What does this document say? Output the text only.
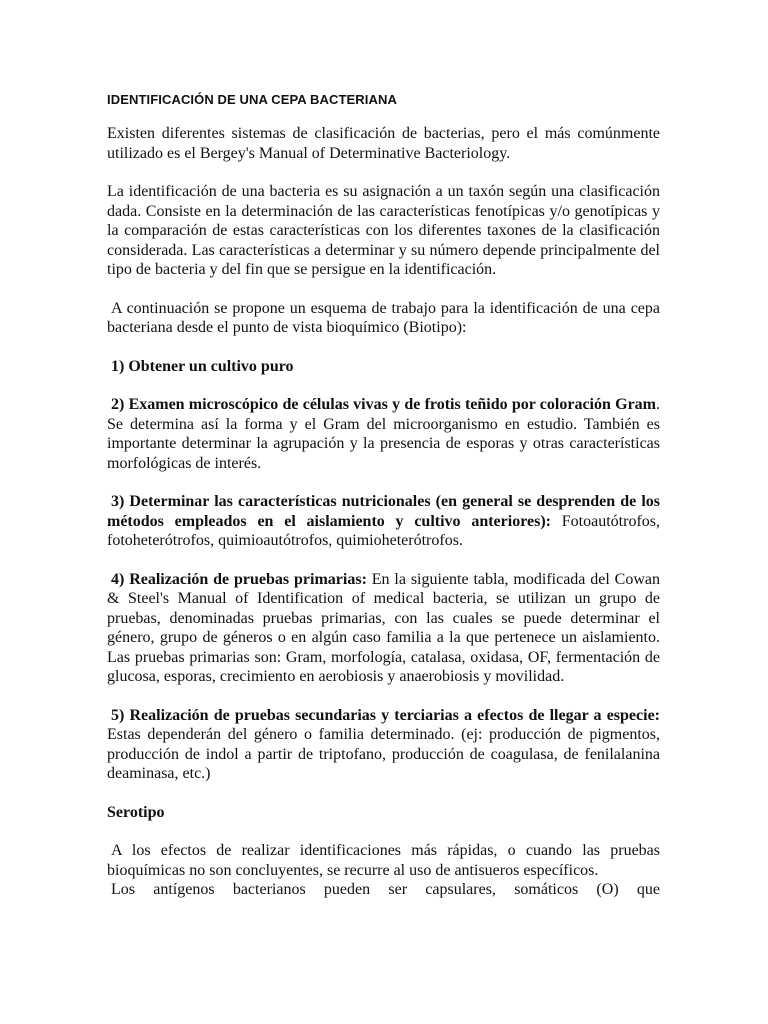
IDENTIFICACIÓN DE UNA CEPA BACTERIANA

Existen diferentes sistemas de clasificación de bacterias, pero el más comúnmente utilizado es el Bergey's Manual of Determinative Bacteriology.

La identificación de una bacteria es su asignación a un taxón según una clasificación dada. Consiste en la determinación de las características fenotípicas y/o genotípicas y la comparación de estas características con los diferentes taxones de la clasificación considerada. Las características a determinar y su número depende principalmente del tipo de bacteria y del fin que se persigue en la identificación.

A continuación se propone un esquema de trabajo para la identificación de una cepa bacteriana desde el punto de vista bioquímico (Biotipo):

1) Obtener un cultivo puro

2) Examen microscópico de células vivas y de frotis teñido por coloración Gram. Se determina así la forma y el Gram del microorganismo en estudio. También es importante determinar la agrupación y la presencia de esporas y otras características morfológicas de interés.

3) Determinar las características nutricionales (en general se desprenden de los métodos empleados en el aislamiento y cultivo anteriores): Fotoautótrofos, fotoheterótrofos, quimioautótrofos, quimioheterótrofos.

4) Realización de pruebas primarias: En la siguiente tabla, modificada del Cowan & Steel's Manual of Identification of medical bacteria, se utilizan un grupo de pruebas, denominadas pruebas primarias, con las cuales se puede determinar el género, grupo de géneros o en algún caso familia a la que pertenece un aislamiento. Las pruebas primarias son: Gram, morfología, catalasa, oxidasa, OF, fermentación de glucosa, esporas, crecimiento en aerobiosis y anaerobiosis y movilidad.

5) Realización de pruebas secundarias y terciarias a efectos de llegar a especie: Estas dependerán del género o familia determinado. (ej: producción de pigmentos, producción de indol a partir de triptofano, producción de coagulasa, de fenilalanina deaminasa, etc.)

Serotipo

A los efectos de realizar identificaciones más rápidas, o cuando las pruebas bioquímicas no son concluyentes, se recurre al uso de antisueros específicos.

Los antígenos bacterianos pueden ser capsulares, somáticos (O) que
